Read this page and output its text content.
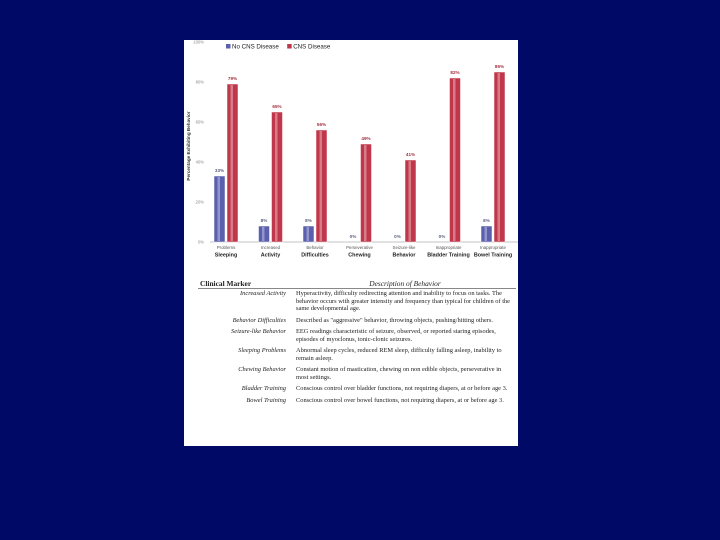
Percentage Exhibiting Behavior
No CNS Disease CNS Disease
0%
20%
40%
60%
80%
100%
33%
79%
8%
65%
8%
56%
0%
49%
0%
41%
0%
82%
8%
85%
Problems
Sleeping
Increased
Activity
Behavior
Difficulties
Perseverative
Chewing
Seizure-like
Behavior
Inappropriate
Bladder Training
Inappropriate
Bowel Training
Clinical Marker	Description of Behavior
Increased Activity	Hyperactivity, difficulty redirecting attention and inability to focus on tasks. The behavior occurs with greater intensity and frequency than typical for children of the same developmental age.
Behavior Difficulties	Described as "aggressive" behavior, throwing objects, pushing/hitting others.
Seizure-like Behavior	EEG readings characteristic of seizure, observed, or reported staring episodes, episodes of myoclonus, tonic-clonic seizures.
Sleeping Problems	Abnormal sleep cycles, reduced REM sleep, difficulty falling asleep, inability to remain asleep.
Chewing Behavior	Constant motion of mastication, chewing on non edible objects, perseverative in most settings.
Bladder Training	Conscious control over bladder functions, not requiring diapers, at or before age 3.
Bowel Training	Conscious control over bowel functions, not requiring diapers, at or before age 3.
